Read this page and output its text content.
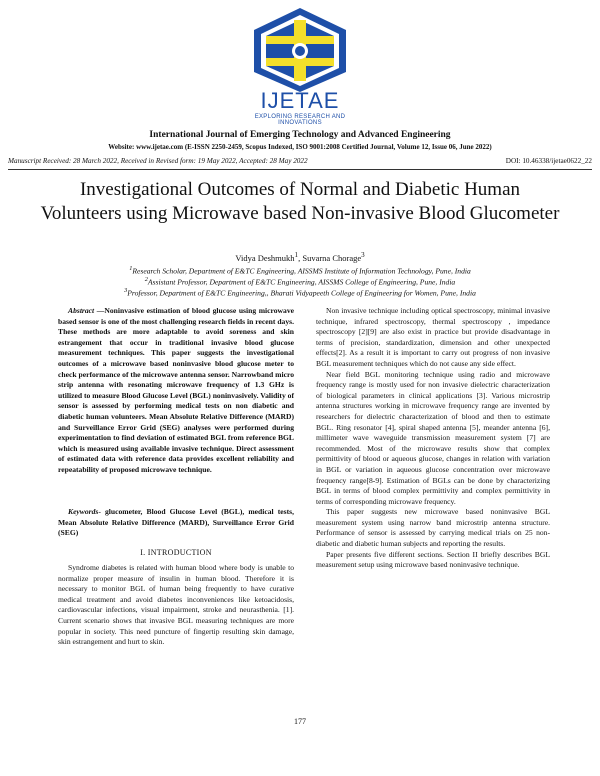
IJETAE
EXPLORING RESEARCH AND INNOVATIONS
International Journal of Emerging Technology and Advanced Engineering
Website: www.ijetae.com (E-ISSN 2250-2459, Scopus Indexed, ISO 9001:2008 Certified Journal, Volume 12, Issue 06, June 2022)
Manuscript Received: 28 March 2022, Received in Revised form: 19 May 2022, Accepted: 28 May 2022	DOI: 10.46338/ijetae0622_22
Investigational Outcomes of Normal and Diabetic Human Volunteers using Microwave based Non-invasive Blood Glucometer
Vidya Deshmukh$^1$, Suvarna Chorage$^3$
$^1$Research Scholar, Department of E&TC Engineering, AISSMS Institute of Information Technology, Pune, India
$^2$Assistant Professor, Department of E&TC Engineering, AISSMS College of Engineering, Pune, India
$^3$Professor, Department of E&TC Engineering,, Bharati Vidyapeeth College of Engineering for Women, Pune, India

Abstract —Noninvasive estimation of blood glucose using microwave based sensor is one of the most challenging research fields in recent days. These methods are more adaptable to avoid soreness and skin estrangement that occur in traditional invasive blood glucose measurement techniques. This paper suggests the investigational outcomes of a microwave based noninvasive blood glucose meter to check performance of the microwave antenna sensor. Narrowband micro strip antenna with resonating microwave frequency of 1.3 GHz is utilized to measure Blood Glucose Level (BGL) noninvasively. Validity of sensor is assessed by performing medical tests on non diabetic and diabetic human volunteers. Mean Absolute Relative Difference (MARD) and Surveillance Error Grid (SEG) analyses were performed during experimentation to find deviation of estimated BGL from reference BGL which is measured using available invasive technique. Direct assessment of estimated data with reference data provides excellent reliability and repeatability of proposed microwave technique.

Keywords- glucometer, Blood Glucose Level (BGL), medical tests, Mean Absolute Relative Difference (MARD), Surveillance Error Grid (SEG)

I. INTRODUCTION

Syndrome diabetes is related with human blood where body is unable to normalize proper measure of insulin in human blood. Therefore it is necessary to monitor BGL of human being frequently to have curative medical treatment and avoid diabetes inconveniences like ketoacidosis, cardiovascular infections, visual impairment, stroke and neurasthenia. [1]. Current scenario shows that invasive BGL measuring techniques are more popular in society. This need puncture of fingertip resulting skin damage, skin estrangement and hurt to skin.

Non invasive technique including optical spectroscopy, minimal invasive technique, infrared spectroscopy, thermal spectroscopy , impedance spectroscopy [2][9] are also exist in practice but provide disadvantage in terms of precision, standardization, dimension and other unexpected effects[2]. As a result it is important to carry out progress of non invasive BGL measurement techniques which do not cause any side effect.

Near field BGL monitoring technique using radio and microwave frequency range is mostly used for non invasive dielectric characterization of biological parameters in clinical applications [3]. Various microstrip antenna structures working in microwave frequency range are invented by researchers for dielectric characterization of blood and then to estimate BGL. Ring resonator [4], spiral shaped antenna [5], meander antenna [6], millimeter wave waveguide transmission measurement system [7] are recommended. Most of the microwave results show that complex permittivity of blood or aqueous glucose, changes in relation with variation in BGL or variation in aqueous glucose concentration over microwave frequency range[8-9]. Estimation of BGLs can be done by characterizing BGL in terms of blood complex permittivity and complex permittivity in terms of corresponding microwave frequency.

This paper suggests new microwave based noninvasive BGL measurement system using narrow band microstrip antenna structure. Performance of sensor is assessed by carrying medical trials on 25 non-diabetic and diabetic human subjects and reporting the results.

Paper presents five different sections. Section II briefly describes BGL measurement setup using microwave based noninvasive technique.

177
